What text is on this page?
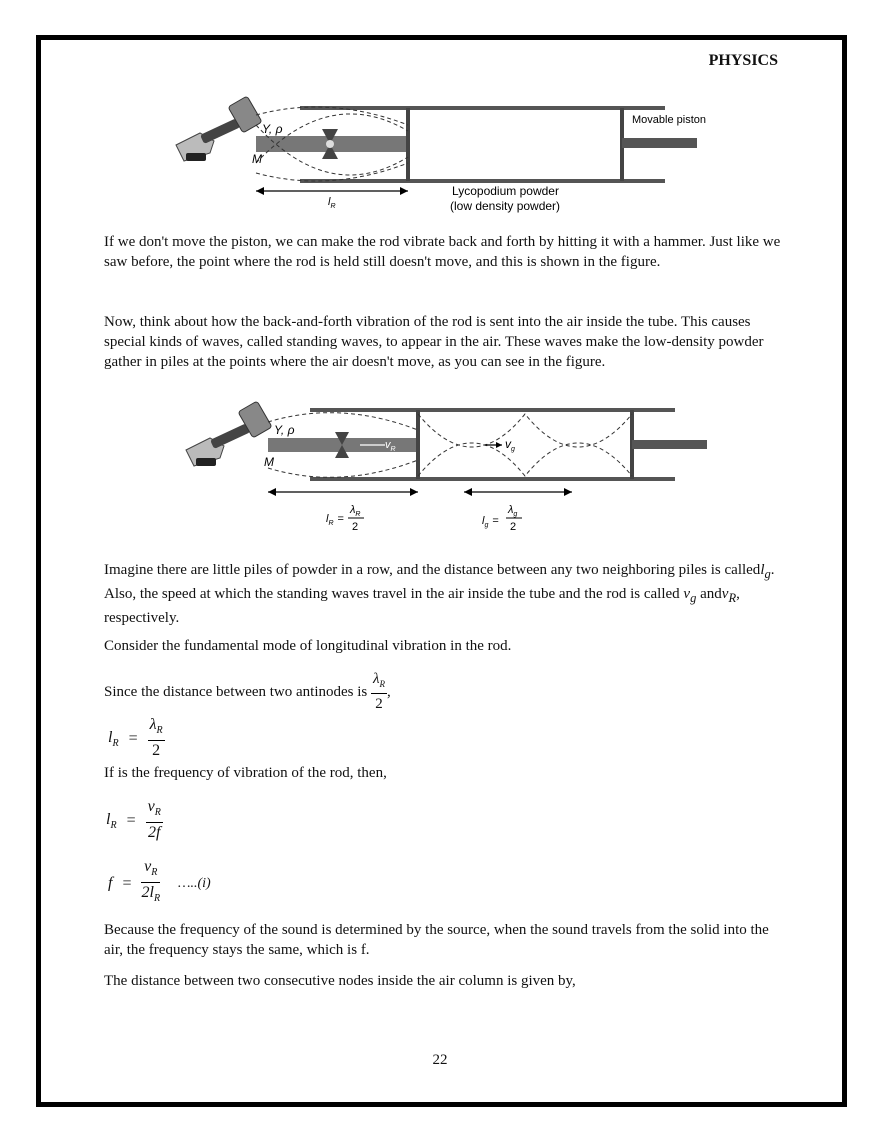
PHYSICS
Y, ρ
M
Movable piston
$l_R$
Lycopodium powder
(low density powder)
If we don't move the piston, we can make the rod vibrate back and forth by hitting it with a hammer. Just like we saw before, the point where the rod is held still doesn't move, and this is shown in the figure.
Now, think about how the back-and-forth vibration of the rod is sent into the air inside the tube. This causes special kinds of waves, called standing waves, to appear in the air. These waves make the low-density powder gather in piles at the points where the air doesn't move, as you can see in the figure.
$v_R$	$v_g$
Y, ρ
M
$l_R$ =
$\lambda_R$
2	$l_g$ =
$\lambda_g$
2
Imagine there are little piles of powder in a row, and the distance between any two neighboring piles is calledl$_g$. Also, the speed at which the standing waves travel in the air inside the tube and the rod is called $v_g$ andv$_R$, respectively.
Consider the fundamental mode of longitudinal vibration in the rod.
Since the distance between two antinodes is $\frac{\lambda_R}{2}$ ,
$l_R = \frac{\lambda_R}{2}$
If is the frequency of vibration of the rod, then,
$l_R = \frac{v_R}{2f}$
$f = \frac{v_R}{2l_R}$ …..(i)
Because the frequency of the sound is determined by the source, when the sound travels from the solid into the air, the frequency stays the same, which is f.
The distance between two consecutive nodes inside the air column is given by,
22
